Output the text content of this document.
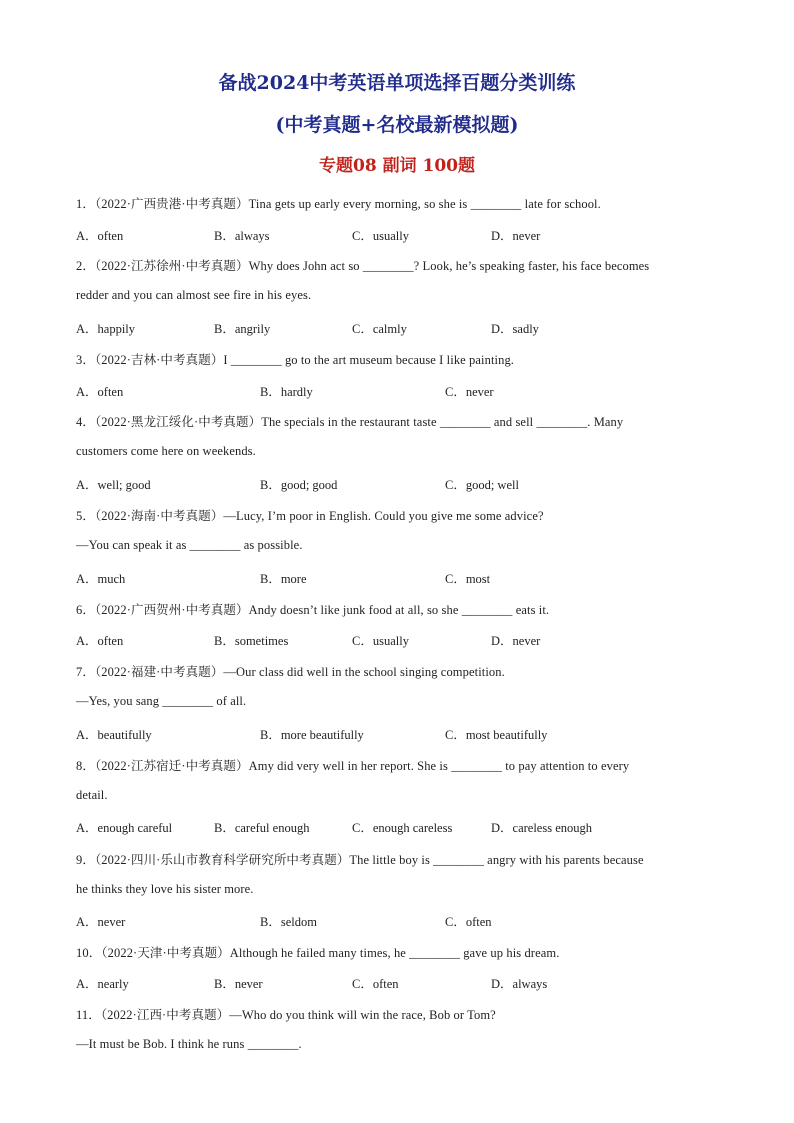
备战2024中考英语单项选择百题分类训练
(中考真题+名校最新模拟题)
专题08 副词 100题
1．（2022·广西贵港·中考真题）Tina gets up early every morning, so she is ________ late for school.
A．often	B．always	C．usually	D．never
2．（2022·江苏徐州·中考真题）Why does John act so ________? Look, he’s speaking faster, his face becomes
redder and you can almost see fire in his eyes.
A．happily	B．angrily	C．calmly	D．sadly
3．（2022·吉林·中考真题）I ________ go to the art museum because I like painting.
A．often	B．hardly	C．never
4．（2022·黑龙江绥化·中考真题）The specials in the restaurant taste ________ and sell ________. Many
customers come here on weekends.
A．well; good	B．good; good	C．good; well
5．（2022·海南·中考真题）—Lucy, I’m poor in English. Could you give me some advice?
—You can speak it as ________ as possible.
A．much	B．more	C．most
6．（2022·广西贺州·中考真题）Andy doesn’t like junk food at all, so she ________ eats it.
A．often	B．sometimes	C．usually	D．never
7．（2022·福建·中考真题）—Our class did well in the school singing competition.
—Yes, you sang ________ of all.
A．beautifully	B．more beautifully	C．most beautifully
8．（2022·江苏宿迁·中考真题）Amy did very well in her report. She is ________ to pay attention to every
detail.
A．enough careful	B．careful enough	C．enough careless	D．careless enough
9．（2022·四川·乐山市教育科学研究所中考真题）The little boy is ________ angry with his parents because
he thinks they love his sister more.
A．never	B．seldom	C．often
10．（2022·天津·中考真题）Although he failed many times, he ________ gave up his dream.
A．nearly	B．never	C．often	D．always
11．（2022·江西·中考真题）—Who do you think will win the race, Bob or Tom?
—It must be Bob. I think he runs ________.
